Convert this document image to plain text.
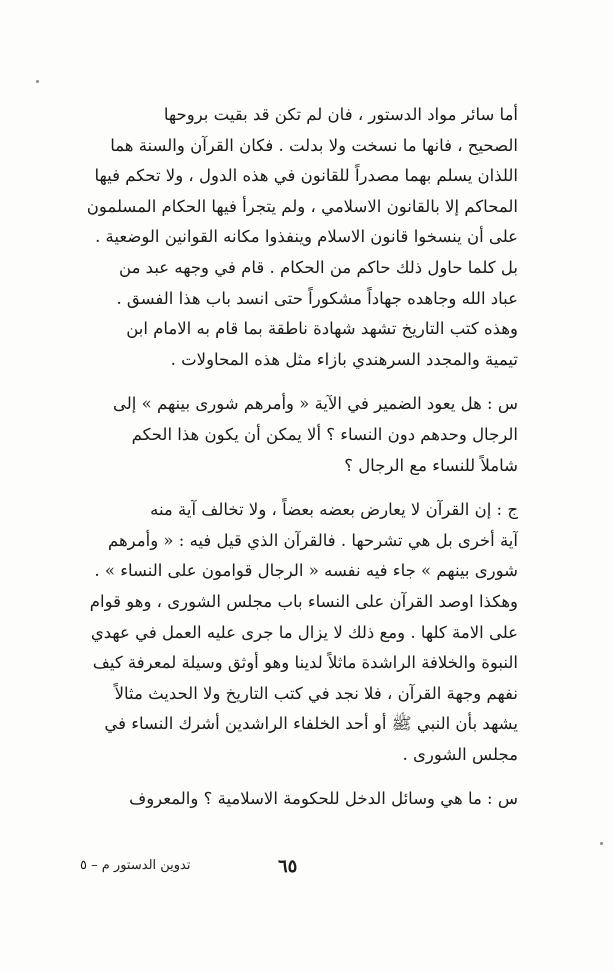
أما سائر مواد الدستور ، فان لم تكن قد بقيت بروحها
الصحيح ، فانها ما نسخت ولا بدلت . فكان القرآن والسنة هما
اللذان يسلم بهما مصدراً للقانون في هذه الدول ، ولا تحكم فيها
المحاكم إلا بالقانون الاسلامي ، ولم يتجرأ فيها الحكام المسلمون
على أن ينسخوا قانون الاسلام وينفذوا مكانه القوانين الوضعية .
بل كلما حاول ذلك حاكم من الحكام . قام في وجهه عبد من
عباد الله وجاهده جهاداً مشكوراً حتى انسد باب هذا الفسق .
وهذه كتب التاريخ تشهد شهادة ناطقة بما قام به الامام ابن
تيمية والمجدد السرهندي بازاء مثل هذه المحاولات .
س : هل يعود الضمير في الآية « وأمرهم شورى بينهم » إلى
الرجال وحدهم دون النساء ؟ ألا يمكن أن يكون هذا الحكم
شاملاً للنساء مع الرجال ؟
ج : إن القرآن لا يعارض بعضه بعضاً ، ولا تخالف آية منه
آية أخرى بل هي تشرحها . فالقرآن الذي قيل فيه : « وأمرهم
شورى بينهم » جاء فيه نفسه « الرجال قوامون على النساء » .
وهكذا اوصد القرآن على النساء باب مجلس الشورى ، وهو قوام
على الامة كلها . ومع ذلك لا يزال ما جرى عليه العمل في عهدي
النبوة والخلافة الراشدة ماثلاً لدينا وهو أوثق وسيلة لمعرفة كيف
نفهم وجهة القرآن ، فلا نجد في كتب التاريخ ولا الحديث مثالاً
يشهد بأن النبي ﷺ أو أحد الخلفاء الراشدين أشرك النساء في
مجلس الشورى .
س : ما هي وسائل الدخل للحكومة الاسلامية ؟ والمعروف
٦٥
تدوين الدستور م – ٥
